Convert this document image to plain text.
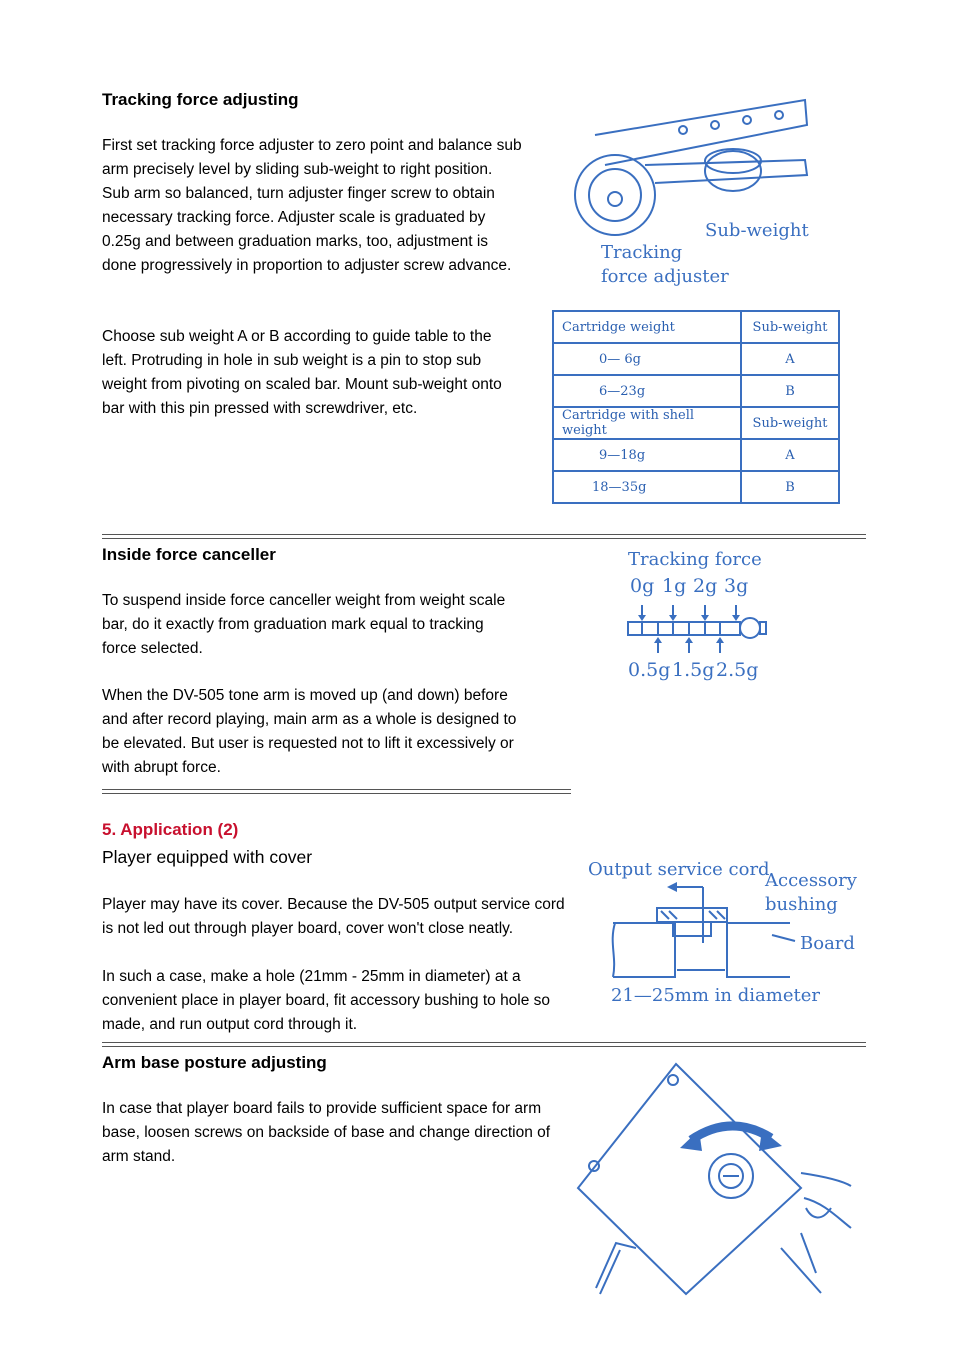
Tracking force adjusting

First set tracking force adjuster to zero point and balance sub arm precisely level by sliding sub-weight to right position. Sub arm so balanced, turn adjuster finger screw to obtain necessary tracking force. Adjuster scale is graduated by 0.25g and between graduation marks, too, adjustment is done progressively in proportion to adjuster screw advance.

Choose sub weight A or B according to guide table to the left. Protruding in hole in sub weight is a pin to stop sub weight from pivoting on scaled bar. Mount sub-weight onto bar with this pin pressed with screwdriver, etc.

Sub-weight
Tracking
force adjuster
Cartridge weight	Sub-weight
0— 6g	A
6—23g	B
Cartridge with shell weight	Sub-weight
9—18g	A
18—35g	B
Inside force canceller

To suspend inside force canceller weight from weight scale bar, do it exactly from graduation mark equal to tracking force selected.

When the DV-505 tone arm is moved up (and down) before and after record playing, main arm as a whole is designed to be elevated. But user is requested not to lift it excessively or with abrupt force.

Tracking force
0g 1g 2g 3g
0.5g 1.5g 2.5g
5. Application (2)
Player equipped with cover

Player may have its cover. Because the DV-505 output service cord is not led out through player board, cover won't close neatly.

In such a case, make a hole (21mm - 25mm in diameter) at a convenient place in player board, fit accessory bushing to hole so made, and run output cord through it.

Output service cord
Accessory
bushing
Board
21—25mm in diameter
Arm base posture adjusting

In case that player board fails to provide sufficient space for arm base, loosen screws on backside of base and change direction of arm stand.
